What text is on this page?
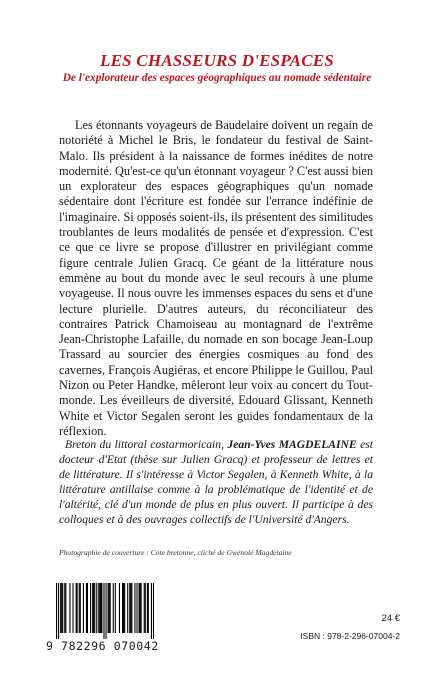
LES CHASSEURS D'ESPACES
De l'explorateur des espaces géographiques au nomade sédentaire

Les étonnants voyageurs de Baudelaire doivent un regain de notoriété à Michel le Bris, le fondateur du festival de Saint-Malo. Ils président à la naissance de formes inédites de notre modernité. Qu'est-ce qu'un étonnant voyageur ? C'est aussi bien un explorateur des espaces géographiques qu'un nomade sédentaire dont l'écriture est fondée sur l'errance indéfinie de l'imaginaire. Si opposés soient-ils, ils présentent des similitudes troublantes de leurs modalités de pensée et d'expression. C'est ce que ce livre se propose d'illustrer en privilégiant comme figure centrale Julien Gracq. Ce géant de la littérature nous emmène au bout du monde avec le seul recours à une plume voyageuse. Il nous ouvre les immenses espaces du sens et d'une lecture plurielle. D'autres auteurs, du réconciliateur des contraires Patrick Chamoiseau au montagnard de l'extrême Jean-Christophe Lafaille, du nomade en son bocage Jean-Loup Trassard au sourcier des énergies cosmiques au fond des cavernes, François Augiéras, et encore Philippe le Guillou, Paul Nizon ou Peter Handke, mêleront leur voix au concert du Tout-monde. Les éveilleurs de diversité, Edouard Glissant, Kenneth White et Victor Segalen seront les guides fondamentaux de la réflexion.

Breton du littoral costarmoricain, Jean-Yves MAGDELAINE est docteur d'Etat (thèse sur Julien Gracq) et professeur de lettres et de littérature. Il s'intéresse à Victor Segalen, à Kenneth White, à la littérature antillaise comme à la problématique de l'identité et de l'altérité, clé d'un monde de plus en plus ouvert. Il participe à des colloques et à des ouvrages collectifs de l'Université d'Angers.

Photographie de couverture : Cote bretonne, cliché de Gwénolé Magdelaine
24 €
ISBN : 978-2-296-07004-2
9 782296 070042
